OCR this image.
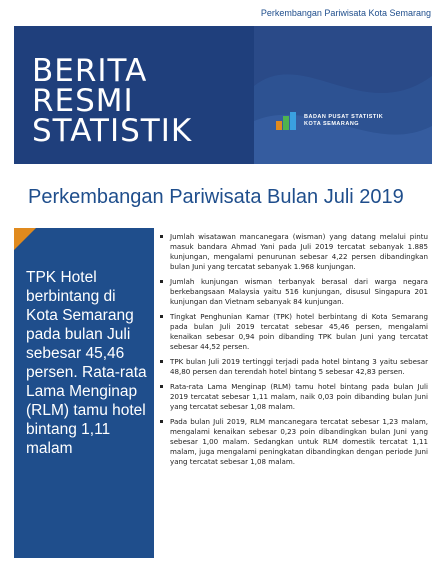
Perkembangan Pariwisata Kota Semarang
BERITA
RESMI
STATISTIK	BADAN PUSAT STATISTIK
KOTA SEMARANG
Perkembangan Pariwisata Bulan Juli 2019
TPK Hotel berbintang di Kota Semarang pada bulan Juli sebesar 45,46 persen. Rata-rata Lama Menginap (RLM) tamu hotel bintang 1,11 malam
Jumlah wisatawan mancanegara (wisman) yang datang melalui pintu masuk bandara Ahmad Yani pada Juli 2019 tercatat sebanyak 1.885 kunjungan, mengalami penurunan sebesar 4,22 persen dibandingkan bulan Juni yang tercatat sebanyak 1.968 kunjungan.
Jumlah kunjungan wisman terbanyak berasal dari warga negara berkebangsaan Malaysia yaitu 516 kunjungan, disusul Singapura 201 kunjungan dan Vietnam sebanyak 84 kunjungan.
Tingkat Penghunian Kamar (TPK) hotel berbintang di Kota Semarang pada bulan Juli 2019 tercatat sebesar 45,46 persen, mengalami kenaikan sebesar 0,94 poin dibanding TPK bulan Juni yang tercatat sebesar 44,52 persen.
TPK bulan Juli 2019 tertinggi terjadi pada hotel bintang 3 yaitu sebesar 48,80 persen dan terendah hotel bintang 5 sebesar 42,83 persen.
Rata-rata Lama Menginap (RLM) tamu hotel bintang pada bulan Juli 2019 tercatat sebesar 1,11 malam, naik 0,03 poin dibanding bulan Juni yang tercatat sebesar 1,08 malam.
Pada bulan Juli 2019, RLM mancanegara tercatat sebesar 1,23 malam, mengalami kenaikan sebesar 0,23 poin dibandingkan bulan Juni yang sebesar 1,00 malam. Sedangkan untuk RLM domestik tercatat 1,11 malam, juga mengalami peningkatan dibandingkan dengan periode Juni yang tercatat sebesar 1,08 malam.
